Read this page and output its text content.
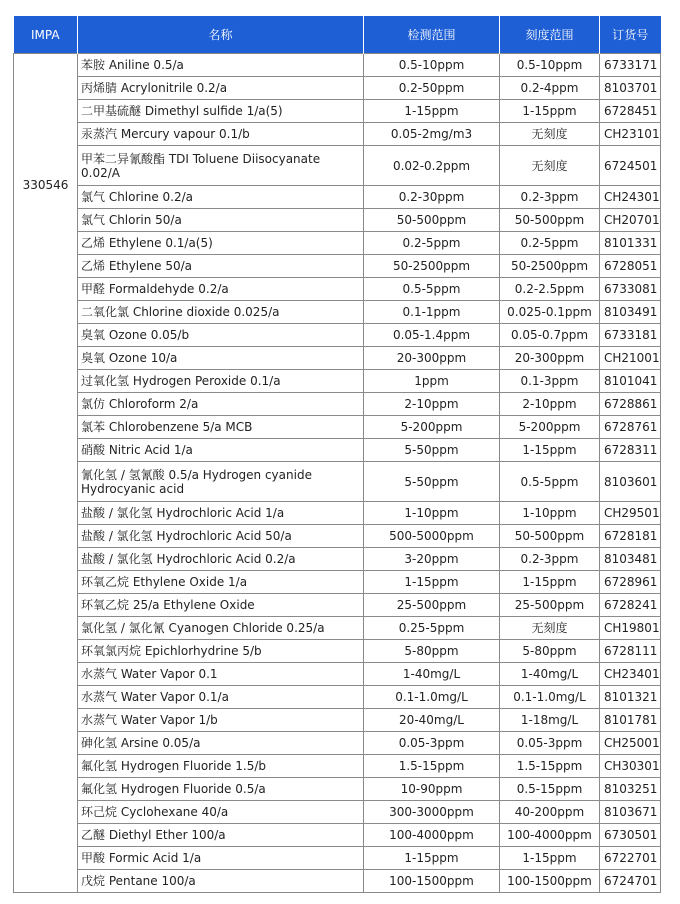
IMPA	名称	检测范围	刻度范围	订货号
330546	苯胺 Aniline 0.5/a	0.5-10ppm	0.5-10ppm	6733171
	丙烯腈 Acrylonitrile 0.2/a	0.2-50ppm	0.2-4ppm	8103701
	二甲基硫醚 Dimethyl sulfide 1/a(5)	1-15ppm	1-15ppm	6728451
	汞蒸汽 Mercury vapour 0.1/b	0.05-2mg/m3	无刻度	CH23101
	甲苯二异氰酸酯 TDI Toluene Diisocyanate 0.02/A	0.02-0.2ppm	无刻度	6724501
	氯气 Chlorine 0.2/a	0.2-30ppm	0.2-3ppm	CH24301
	氯气 Chlorin 50/a	50-500ppm	50-500ppm	CH20701
	乙烯 Ethylene 0.1/a(5)	0.2-5ppm	0.2-5ppm	8101331
	乙烯 Ethylene 50/a	50-2500ppm	50-2500ppm	6728051
	甲醛 Formaldehyde 0.2/a	0.5-5ppm	0.2-2.5ppm	6733081
	二氧化氯 Chlorine dioxide 0.025/a	0.1-1ppm	0.025-0.1ppm	8103491
	臭氧 Ozone 0.05/b	0.05-1.4ppm	0.05-0.7ppm	6733181
	臭氧 Ozone 10/a	20-300ppm	20-300ppm	CH21001
	过氧化氢 Hydrogen Peroxide 0.1/a	1ppm	0.1-3ppm	8101041
	氯仿 Chloroform 2/a	2-10ppm	2-10ppm	6728861
	氯苯 Chlorobenzene 5/a MCB	5-200ppm	5-200ppm	6728761
	硝酸 Nitric Acid 1/a	5-50ppm	1-15ppm	6728311
	氰化氢 / 氢氰酸 0.5/a Hydrogen cyanide Hydrocyanic acid	5-50ppm	0.5-5ppm	8103601
	盐酸 / 氯化氢 Hydrochloric Acid 1/a	1-10ppm	1-10ppm	CH29501
	盐酸 / 氯化氢 Hydrochloric Acid 50/a	500-5000ppm	50-500ppm	6728181
	盐酸 / 氯化氢 Hydrochloric Acid 0.2/a	3-20ppm	0.2-3ppm	8103481
	环氧乙烷 Ethylene Oxide 1/a	1-15ppm	1-15ppm	6728961
	环氧乙烷 25/a Ethylene Oxide	25-500ppm	25-500ppm	6728241
	氯化氢 / 氯化氰 Cyanogen Chloride 0.25/a	0.25-5ppm	无刻度	CH19801
	环氧氯丙烷 Epichlorhydrine 5/b	5-80ppm	5-80ppm	6728111
	水蒸气 Water Vapor 0.1	1-40mg/L	1-40mg/L	CH23401
	水蒸气 Water Vapor 0.1/a	0.1-1.0mg/L	0.1-1.0mg/L	8101321
	水蒸气 Water Vapor 1/b	20-40mg/L	1-18mg/L	8101781
	砷化氢 Arsine 0.05/a	0.05-3ppm	0.05-3ppm	CH25001
	氟化氢 Hydrogen Fluoride 1.5/b	1.5-15ppm	1.5-15ppm	CH30301
	氟化氢 Hydrogen Fluoride 0.5/a	10-90ppm	0.5-15ppm	8103251
	环己烷 Cyclohexane 40/a	300-3000ppm	40-200ppm	8103671
	乙醚 Diethyl Ether 100/a	100-4000ppm	100-4000ppm	6730501
	甲酸 Formic Acid 1/a	1-15ppm	1-15ppm	6722701
	戊烷 Pentane 100/a	100-1500ppm	100-1500ppm	6724701
